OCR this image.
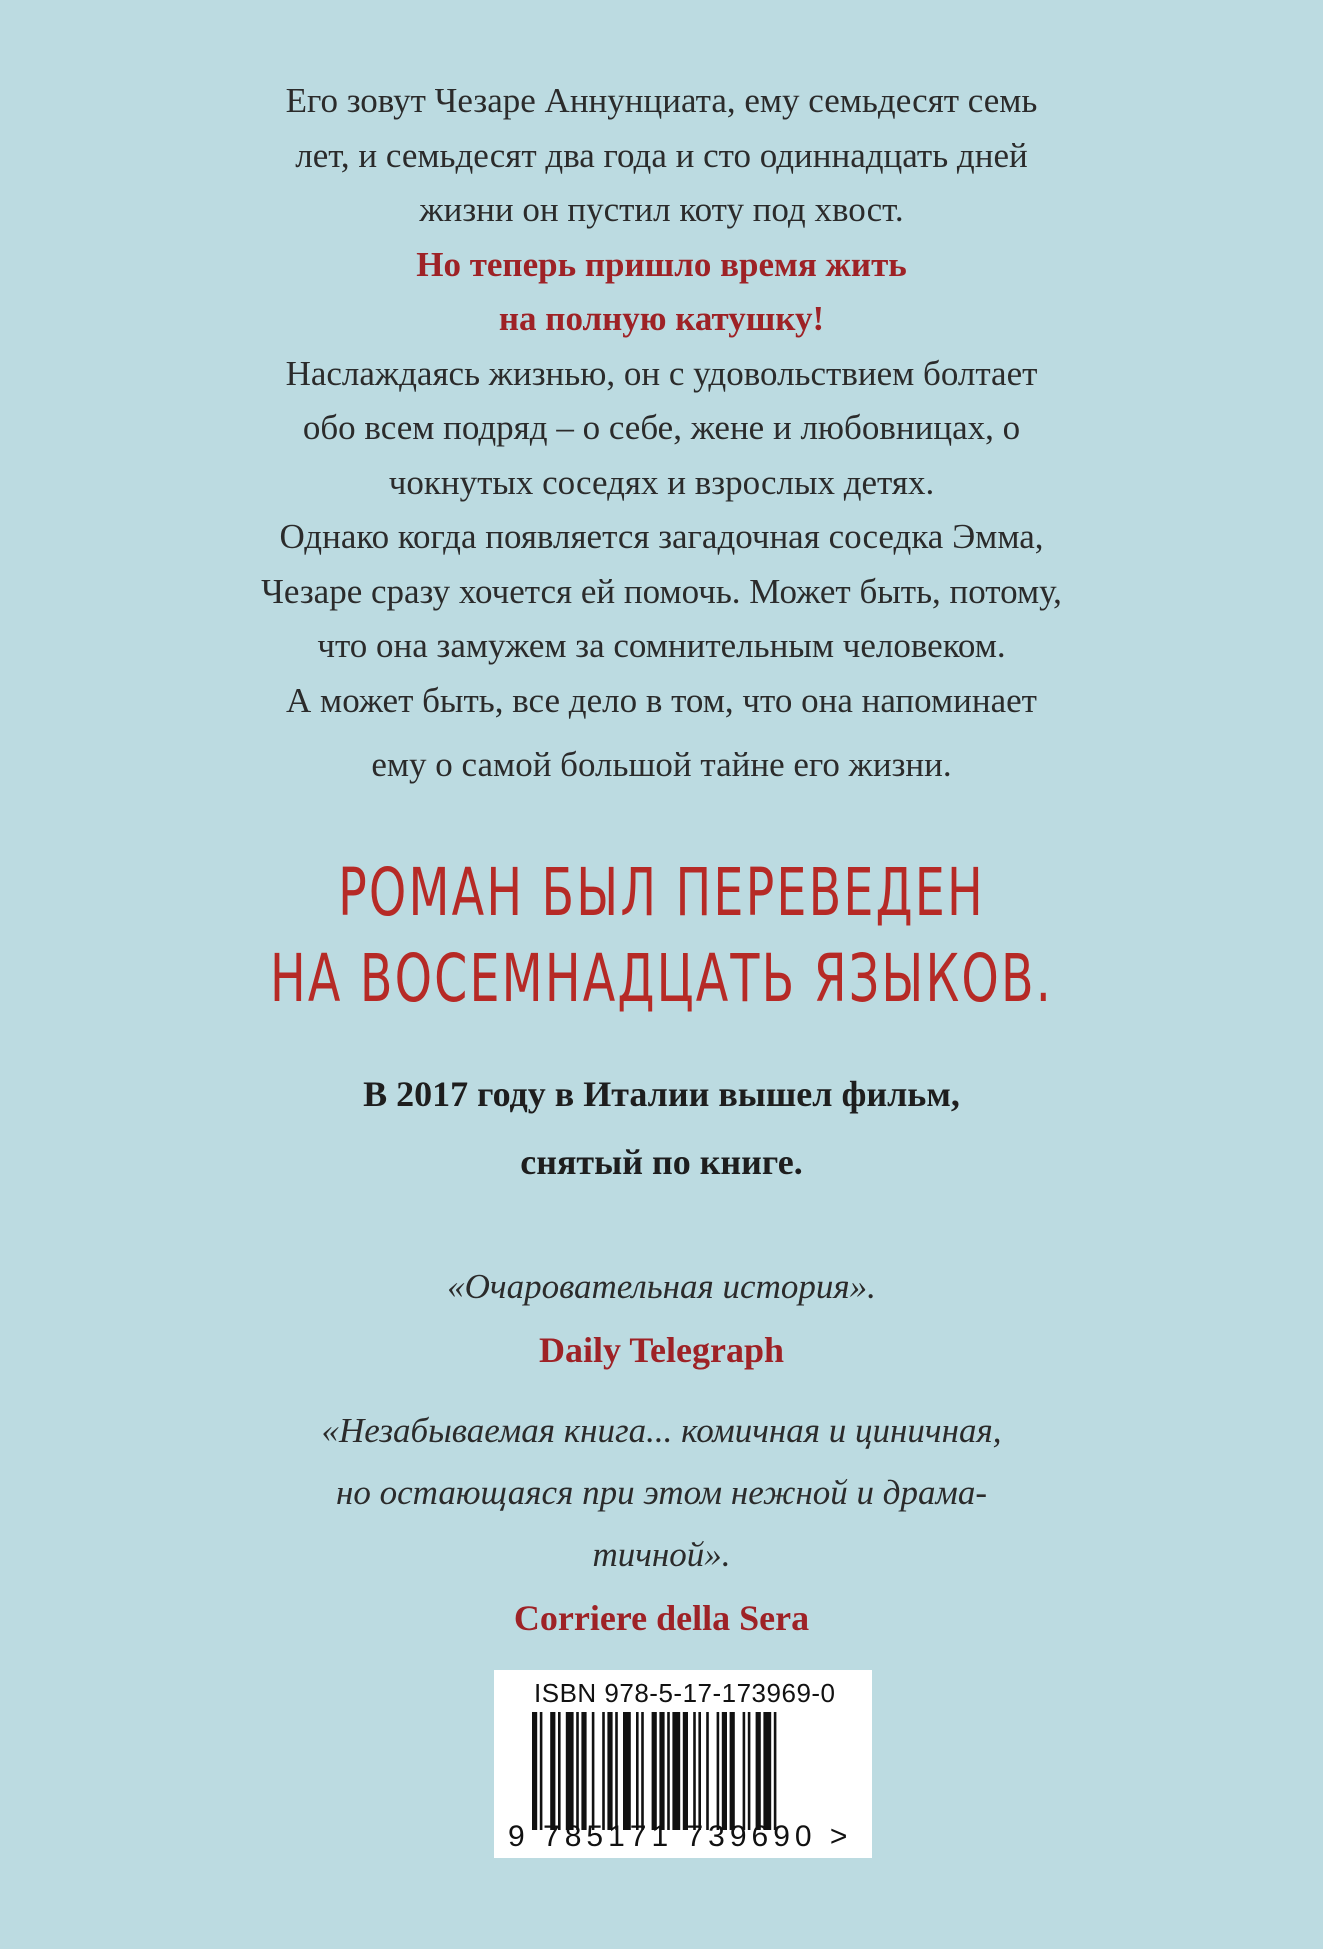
Его зовут Чезаре Аннунциата, ему семьдесят семь
лет, и семьдесят два года и сто одиннадцать дней
жизни он пустил коту под хвост.
Но теперь пришло время жить
на полную катушку!
Наслаждаясь жизнью, он с удовольствием болтает
обо всем подряд – о себе, жене и любовницах, о
чокнутых соседях и взрослых детях.
Однако когда появляется загадочная соседка Эмма,
Чезаре сразу хочется ей помочь. Может быть, потому,
что она замужем за сомнительным человеком.
А может быть, все дело в том, что она напоминает
ему о самой большой тайне его жизни.
РОМАН БЫЛ ПЕРЕВЕДЕН
НА ВОСЕМНАДЦАТЬ ЯЗЫКОВ.
В 2017 году в Италии вышел фильм,
снятый по книге.
«Очаровательная история».
Daily Telegraph
«Незабываемая книга... комичная и циничная,
но остающаяся при этом нежной и драма-
тичной».
Corriere della Sera
ISBN 978-5-17-173969-0
9 785171 739690 >
